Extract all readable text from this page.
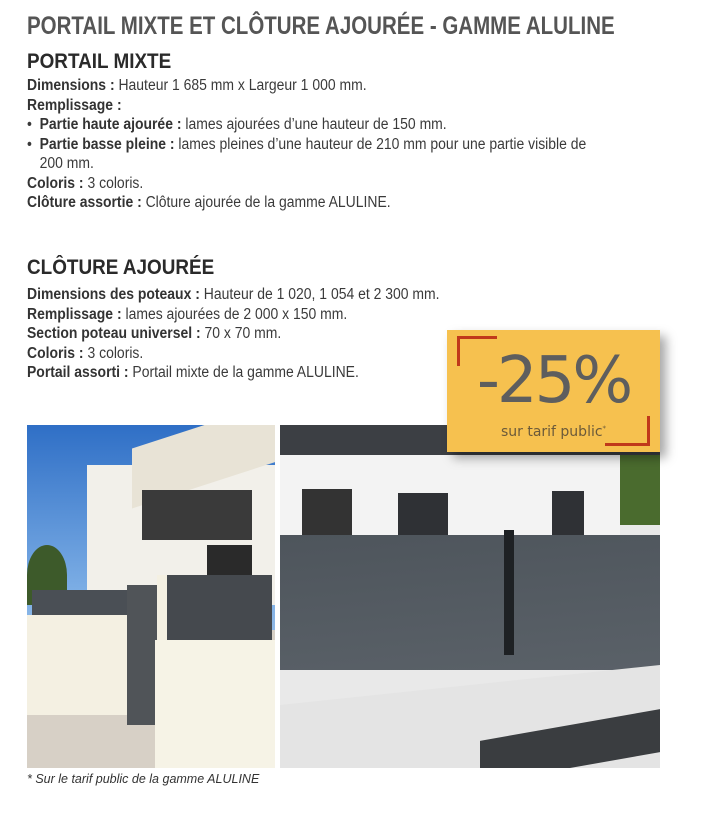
PORTAIL MIXTE ET CLÔTURE AJOURÉE - GAMME ALULINE
PORTAIL MIXTE
Dimensions : Hauteur 1 685 mm x Largeur 1 000 mm.
Remplissage :
• Partie haute ajourée : lames ajourées d’une hauteur de 150 mm.
• Partie basse pleine : lames pleines d’une hauteur de 210 mm pour une partie visible de
200 mm.
Coloris : 3 coloris.
Clôture assortie : Clôture ajourée de la gamme ALULINE.
CLÔTURE AJOURÉE
Dimensions des poteaux : Hauteur de 1 020, 1 054 et 2 300 mm.
Remplissage : lames ajourées de 2 000 x 150 mm.
Section poteau universel : 70 x 70 mm.
Coloris : 3 coloris.
Portail assorti : Portail mixte de la gamme ALULINE.	-25%
sur tarif public*
* Sur le tarif public de la gamme ALULINE
